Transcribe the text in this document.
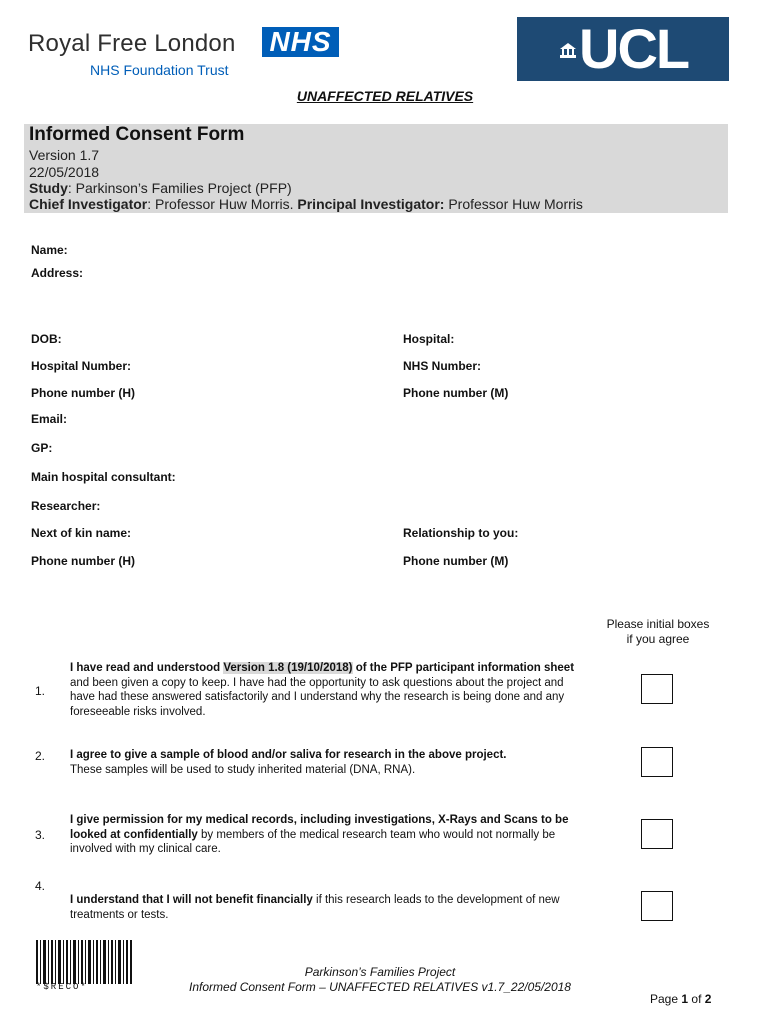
Royal Free London
NHS Foundation Trust
NHS	UCL
UNAFFECTED RELATIVES
Informed Consent Form
Version 1.7
22/05/2018
Study: Parkinson’s Families Project (PFP)
Chief Investigator: Professor Huw Morris. Principal Investigator: Professor Huw Morris
Name:
Address:
DOB:	Hospital:
Hospital Number:	NHS Number:
Phone number (H)	Phone number (M)
Email:
GP:
Main hospital consultant:
Researcher:
Next of kin name:	Relationship to you:
Phone number (H)	Phone number (M)
Please initial boxes
if you agree
1.
I have read and understood Version 1.8 (19/10/2018) of the PFP participant information sheet and been given a copy to keep. I have had the opportunity to ask questions about the project and have had these answered satisfactorily and I understand why the research is being done and any foreseeable risks involved.
2. I agree to give a sample of blood and/or saliva for research in the above project.
These samples will be used to study inherited material (DNA, RNA).
3.
I give permission for my medical records, including investigations, X-Rays and Scans to be looked at confidentially by members of the medical research team who would not normally be involved with my clinical care.
4.
I understand that I will not benefit financially if this research leads to the development of new treatments or tests.
*$RECO*
Parkinson’s Families Project
Informed Consent Form – UNAFFECTED RELATIVES v1.7_22/05/2018
Page 1 of 2
